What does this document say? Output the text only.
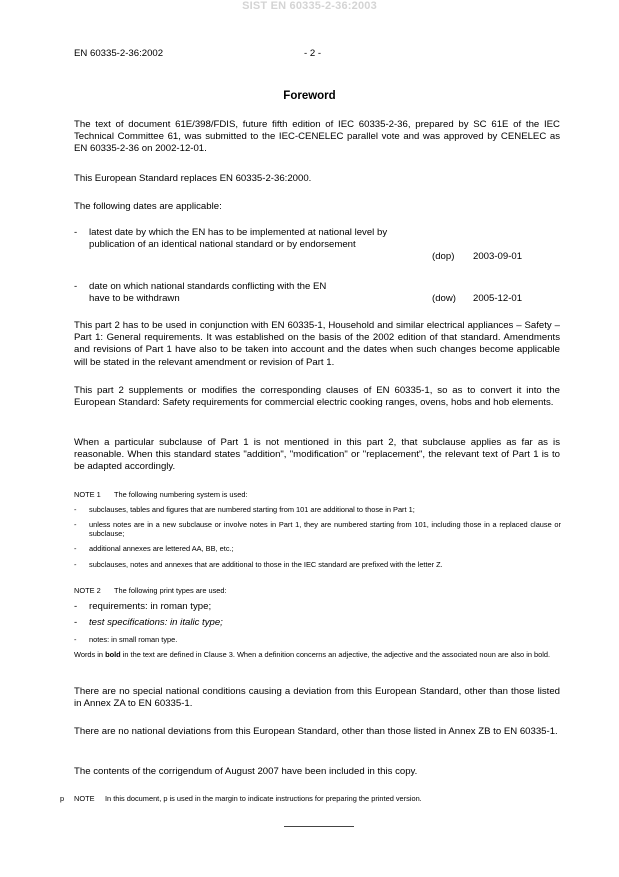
SIST EN 60335-2-36:2003
EN 60335-2-36:2002	- 2 -
Foreword
The text of document 61E/398/FDIS, future fifth edition of IEC 60335-2-36, prepared by SC 61E of the IEC Technical Committee 61, was submitted to the IEC-CENELEC parallel vote and was approved by CENELEC as EN 60335-2-36 on 2002-12-01.
This European Standard replaces EN 60335-2-36:2000.
The following dates are applicable:
- latest date by which the EN has to be implemented at national level by publication of an identical national standard or by endorsement
(dop) 2003-09-01
- date on which national standards conflicting with the EN have to be withdrawn	(dow) 2005-12-01
This part 2 has to be used in conjunction with EN 60335-1, Household and similar electrical appliances – Safety – Part 1: General requirements. It was established on the basis of the 2002 edition of that standard. Amendments and revisions of Part 1 have also to be taken into account and the dates when such changes become applicable will be stated in the relevant amendment or revision of Part 1.
This part 2 supplements or modifies the corresponding clauses of EN 60335-1, so as to convert it into the European Standard: Safety requirements for commercial electric cooking ranges, ovens, hobs and hob elements.
When a particular subclause of Part 1 is not mentioned in this part 2, that subclause applies as far as is reasonable. When this standard states "addition", "modification" or "replacement", the relevant text of Part 1 is to be adapted accordingly.
NOTE 1 The following numbering system is used:
- subclauses, tables and figures that are numbered starting from 101 are additional to those in Part 1;
- unless notes are in a new subclause or involve notes in Part 1, they are numbered starting from 101, including those in a replaced clause or subclause;
- additional annexes are lettered AA, BB, etc.;
- subclauses, notes and annexes that are additional to those in the IEC standard are prefixed with the letter Z.
NOTE 2 The following print types are used:
- requirements: in roman type;
- test specifications: in italic type;
- notes: in small roman type.
Words in bold in the text are defined in Clause 3. When a definition concerns an adjective, the adjective and the associated noun are also in bold.
There are no special national conditions causing a deviation from this European Standard, other than those listed in Annex ZA to EN 60335-1.
There are no national deviations from this European Standard, other than those listed in Annex ZB to EN 60335-1.
The contents of the corrigendum of August 2007 have been included in this copy.
p NOTE In this document, p is used in the margin to indicate instructions for preparing the printed version.
